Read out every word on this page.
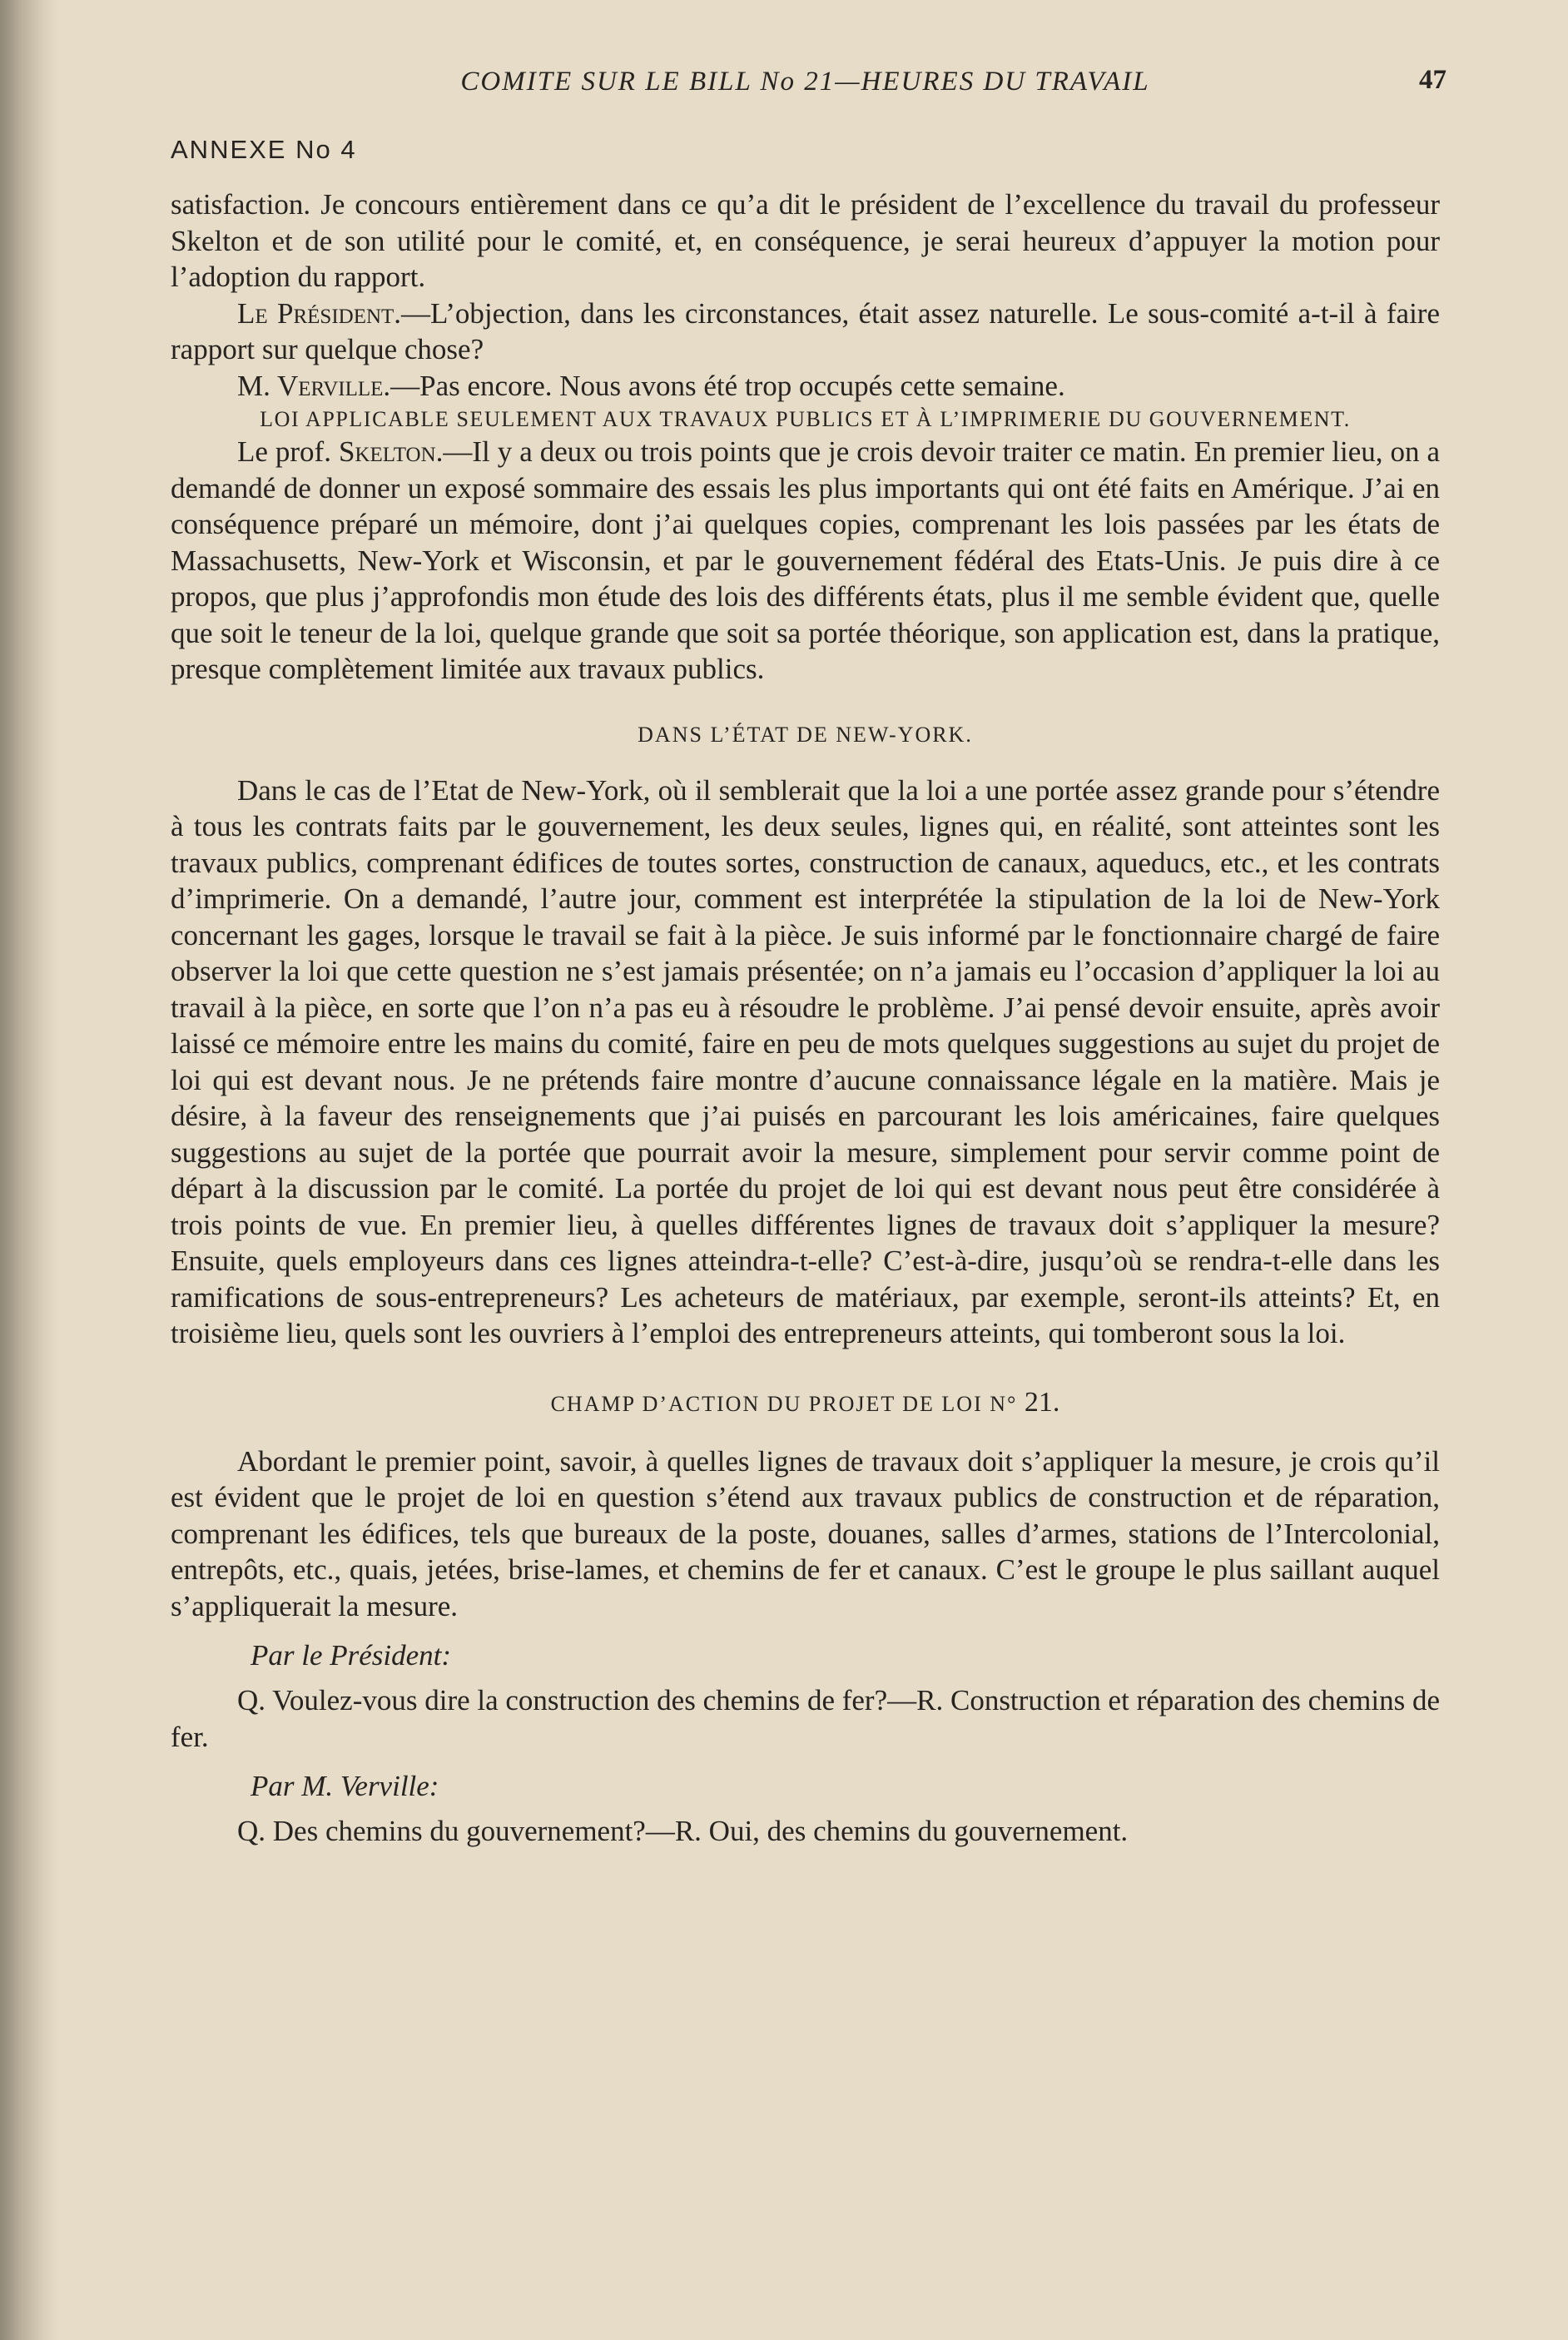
COMITE SUR LE BILL No 21—HEURES DU TRAVAIL	47
ANNEXE No 4

satisfaction. Je concours entièrement dans ce qu’a dit le président de l’excellence du travail du professeur Skelton et de son utilité pour le comité, et, en conséquence, je serai heureux d’appuyer la motion pour l’adoption du rapport.

Le Président.—L’objection, dans les circonstances, était assez naturelle. Le sous-comité a-t-il à faire rapport sur quelque chose?

M. Verville.—Pas encore. Nous avons été trop occupés cette semaine.

LOI APPLICABLE SEULEMENT AUX TRAVAUX PUBLICS ET À L’IMPRIMERIE DU GOUVERNEMENT.

Le prof. Skelton.—Il y a deux ou trois points que je crois devoir traiter ce matin. En premier lieu, on a demandé de donner un exposé sommaire des essais les plus importants qui ont été faits en Amérique. J’ai en conséquence préparé un mémoire, dont j’ai quelques copies, comprenant les lois passées par les états de Massachusetts, New-York et Wisconsin, et par le gouvernement fédéral des Etats-Unis. Je puis dire à ce propos, que plus j’approfondis mon étude des lois des différents états, plus il me semble évident que, quelle que soit le teneur de la loi, quelque grande que soit sa portée théorique, son application est, dans la pratique, presque complètement limitée aux travaux publics.

DANS L’ÉTAT DE NEW-YORK.

Dans le cas de l’Etat de New-York, où il semblerait que la loi a une portée assez grande pour s’étendre à tous les contrats faits par le gouvernement, les deux seules, lignes qui, en réalité, sont atteintes sont les travaux publics, comprenant édifices de toutes sortes, construction de canaux, aqueducs, etc., et les contrats d’imprimerie. On a demandé, l’autre jour, comment est interprétée la stipulation de la loi de New-York concernant les gages, lorsque le travail se fait à la pièce. Je suis informé par le fonctionnaire chargé de faire observer la loi que cette question ne s’est jamais présentée; on n’a jamais eu l’occasion d’appliquer la loi au travail à la pièce, en sorte que l’on n’a pas eu à résoudre le problème. J’ai pensé devoir ensuite, après avoir laissé ce mémoire entre les mains du comité, faire en peu de mots quelques suggestions au sujet du projet de loi qui est devant nous. Je ne prétends faire montre d’aucune connaissance légale en la matière. Mais je désire, à la faveur des renseignements que j’ai puisés en parcourant les lois américaines, faire quelques suggestions au sujet de la portée que pourrait avoir la mesure, simplement pour servir comme point de départ à la discussion par le comité. La portée du projet de loi qui est devant nous peut être considérée à trois points de vue. En premier lieu, à quelles différentes lignes de travaux doit s’appliquer la mesure? Ensuite, quels employeurs dans ces lignes atteindra-t-elle? C’est-à-dire, jusqu’où se rendra-t-elle dans les ramifications de sous-entrepreneurs? Les acheteurs de matériaux, par exemple, seront-ils atteints? Et, en troisième lieu, quels sont les ouvriers à l’emploi des entrepreneurs atteints, qui tomberont sous la loi.

CHAMP D’ACTION DU PROJET DE LOI N° 21.

Abordant le premier point, savoir, à quelles lignes de travaux doit s’appliquer la mesure, je crois qu’il est évident que le projet de loi en question s’étend aux travaux publics de construction et de réparation, comprenant les édifices, tels que bureaux de la poste, douanes, salles d’armes, stations de l’Intercolonial, entrepôts, etc., quais, jetées, brise-lames, et chemins de fer et canaux. C’est le groupe le plus saillant auquel s’appliquerait la mesure.

Par le Président:

Q. Voulez-vous dire la construction des chemins de fer?—R. Construction et réparation des chemins de fer.

Par M. Verville:

Q. Des chemins du gouvernement?—R. Oui, des chemins du gouvernement.
